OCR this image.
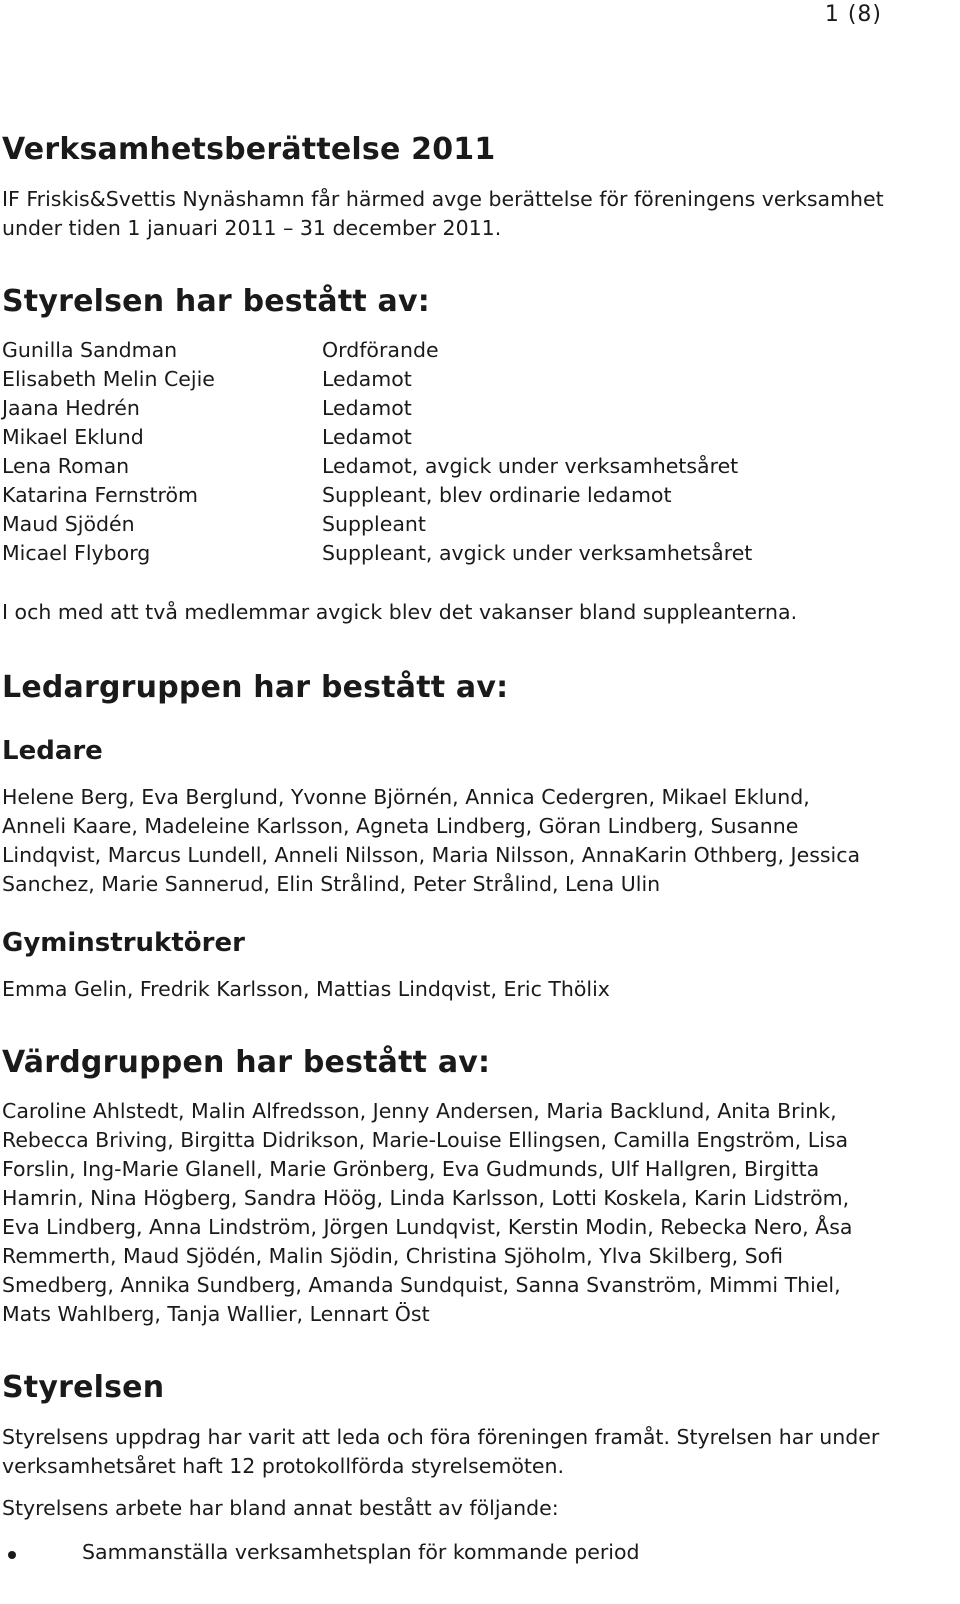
1 (8)
Verksamhetsberättelse 2011
IF Friskis&Svettis Nynäshamn får härmed avge berättelse för föreningens verksamhet
under tiden 1 januari 2011 – 31 december 2011.
Styrelsen har bestått av:
Gunilla Sandman	Ordförande
Elisabeth Melin Cejie	Ledamot
Jaana Hedrén	Ledamot
Mikael Eklund	Ledamot
Lena Roman	Ledamot, avgick under verksamhetsåret
Katarina Fernström	Suppleant, blev ordinarie ledamot
Maud Sjödén	Suppleant
Micael Flyborg	Suppleant, avgick under verksamhetsåret
I och med att två medlemmar avgick blev det vakanser bland suppleanterna.
Ledargruppen har bestått av:
Ledare
Helene Berg, Eva Berglund, Yvonne Björnén, Annica Cedergren, Mikael Eklund,
Anneli Kaare, Madeleine Karlsson, Agneta Lindberg, Göran Lindberg, Susanne
Lindqvist, Marcus Lundell, Anneli Nilsson, Maria Nilsson, AnnaKarin Othberg, Jessica
Sanchez, Marie Sannerud, Elin Strålind, Peter Strålind, Lena Ulin
Gyminstruktörer
Emma Gelin, Fredrik Karlsson, Mattias Lindqvist, Eric Thölix
Värdgruppen har bestått av:
Caroline Ahlstedt, Malin Alfredsson, Jenny Andersen, Maria Backlund, Anita Brink,
Rebecca Briving, Birgitta Didrikson, Marie-Louise Ellingsen, Camilla Engström, Lisa
Forslin, Ing-Marie Glanell, Marie Grönberg, Eva Gudmunds, Ulf Hallgren, Birgitta
Hamrin, Nina Högberg, Sandra Höög, Linda Karlsson, Lotti Koskela, Karin Lidström,
Eva Lindberg, Anna Lindström, Jörgen Lundqvist, Kerstin Modin, Rebecka Nero, Åsa
Remmerth, Maud Sjödén, Malin Sjödin, Christina Sjöholm, Ylva Skilberg, Sofi
Smedberg, Annika Sundberg, Amanda Sundquist, Sanna Svanström, Mimmi Thiel,
Mats Wahlberg, Tanja Wallier, Lennart Öst
Styrelsen
Styrelsens uppdrag har varit att leda och föra föreningen framåt. Styrelsen har under
verksamhetsåret haft 12 protokollförda styrelsemöten.
Styrelsens arbete har bland annat bestått av följande:
Sammanställa verksamhetsplan för kommande period
